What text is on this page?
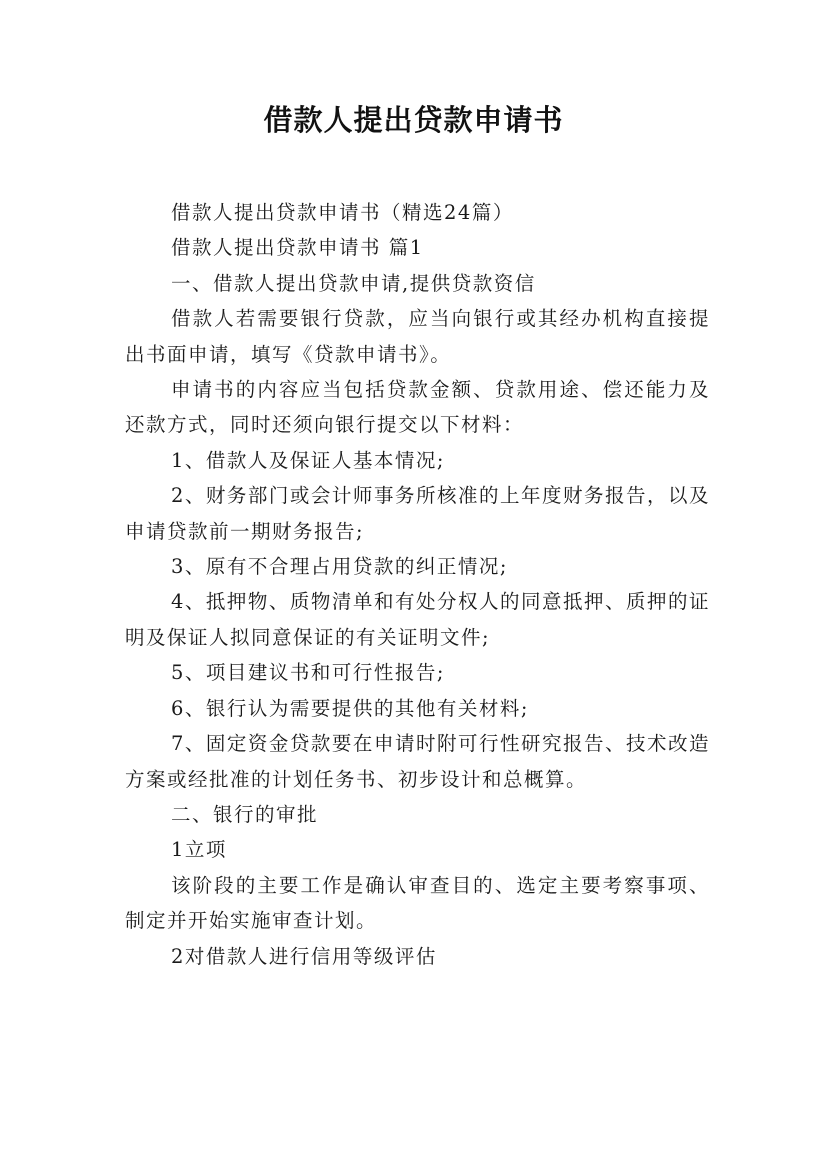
借款人提出贷款申请书

借款人提出贷款申请书（精选24篇）

借款人提出贷款申请书 篇1

一、借款人提出贷款申请,提供贷款资信

借款人若需要银行贷款，应当向银行或其经办机构直接提出书面申请，填写《贷款申请书》。

申请书的内容应当包括贷款金额、贷款用途、偿还能力及还款方式，同时还须向银行提交以下材料：

1、借款人及保证人基本情况;

2、财务部门或会计师事务所核准的上年度财务报告，以及申请贷款前一期财务报告;

3、原有不合理占用贷款的纠正情况;

4、抵押物、质物清单和有处分权人的同意抵押、质押的证明及保证人拟同意保证的有关证明文件;

5、项目建议书和可行性报告;

6、银行认为需要提供的其他有关材料;

7、固定资金贷款要在申请时附可行性研究报告、技术改造方案或经批准的计划任务书、初步设计和总概算。

二、银行的审批

1立项

该阶段的主要工作是确认审查目的、选定主要考察事项、制定并开始实施审查计划。

2对借款人进行信用等级评估
